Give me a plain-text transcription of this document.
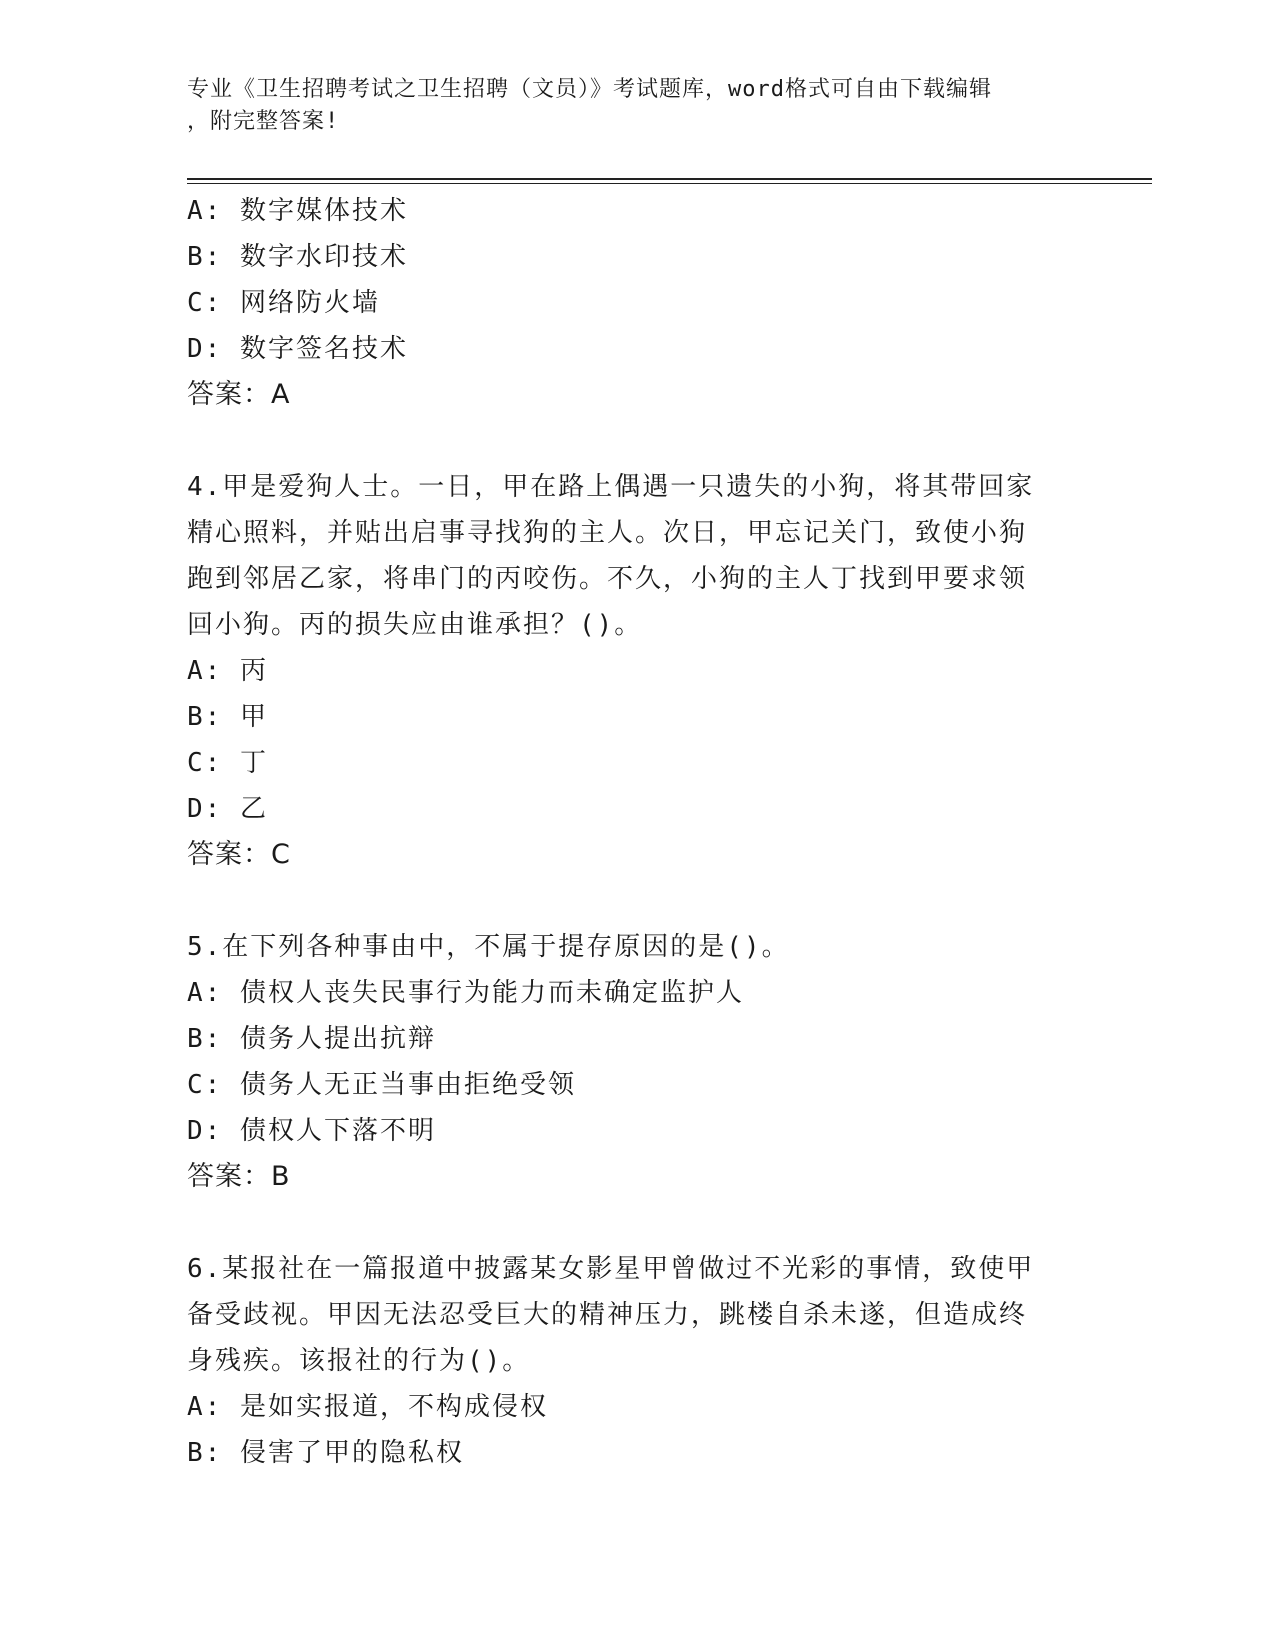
专业《卫生招聘考试之卫生招聘（文员）》考试题库，word格式可自由下载编辑
，附完整答案!
A: 数字媒体技术
B: 数字水印技术
C: 网络防火墙
D: 数字签名技术
答案：A
4.甲是爱狗人士。一日，甲在路上偶遇一只遗失的小狗，将其带回家
精心照料，并贴出启事寻找狗的主人。次日，甲忘记关门，致使小狗
跑到邻居乙家，将串门的丙咬伤。不久，小狗的主人丁找到甲要求领
回小狗。丙的损失应由谁承担？()。
A: 丙
B: 甲
C: 丁
D: 乙
答案：C
5.在下列各种事由中，不属于提存原因的是()。
A: 债权人丧失民事行为能力而未确定监护人
B: 债务人提出抗辩
C: 债务人无正当事由拒绝受领
D: 债权人下落不明
答案：B
6.某报社在一篇报道中披露某女影星甲曾做过不光彩的事情，致使甲
备受歧视。甲因无法忍受巨大的精神压力，跳楼自杀未遂，但造成终
身残疾。该报社的行为()。
A: 是如实报道，不构成侵权
B: 侵害了甲的隐私权
